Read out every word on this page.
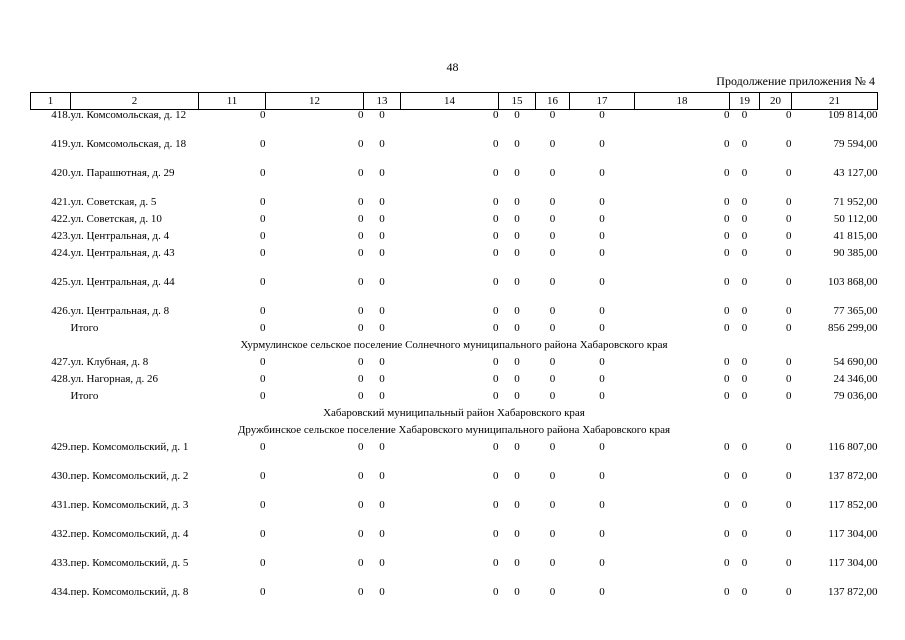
48
Продолжение приложения № 4
1	2	11	12	13	14	15	16	17	18	19	20	21
418.	ул. Комсомольская, д. 12	0	0	0	0	0	0	0	0	0	0	109 814,00
419.	ул. Комсомольская, д. 18	0	0	0	0	0	0	0	0	0	0	79 594,00
420.	ул. Парашютная, д. 29	0	0	0	0	0	0	0	0	0	0	43 127,00
421.	ул. Советская, д. 5	0	0	0	0	0	0	0	0	0	0	71 952,00
422.	ул. Советская, д. 10	0	0	0	0	0	0	0	0	0	0	50 112,00
423.	ул. Центральная, д. 4	0	0	0	0	0	0	0	0	0	0	41 815,00
424.	ул. Центральная, д. 43	0	0	0	0	0	0	0	0	0	0	90 385,00
425.	ул. Центральная, д. 44	0	0	0	0	0	0	0	0	0	0	103 868,00
426.	ул. Центральная, д. 8	0	0	0	0	0	0	0	0	0	0	77 365,00
	Итого	0	0	0	0	0	0	0	0	0	0	856 299,00
Хурмулинское сельское поселение Солнечного муниципального района Хабаровского края												
427.	ул. Клубная, д. 8	0	0	0	0	0	0	0	0	0	0	54 690,00
428.	ул. Нагорная, д. 26	0	0	0	0	0	0	0	0	0	0	24 346,00
	Итого	0	0	0	0	0	0	0	0	0	0	79 036,00
Хабаровский муниципальный район Хабаровского края												
Дружбинское сельское поселение Хабаровского муниципального района Хабаровского края												
429.	пер. Комсомольский, д. 1	0	0	0	0	0	0	0	0	0	0	116 807,00
430.	пер. Комсомольский, д. 2	0	0	0	0	0	0	0	0	0	0	137 872,00
431.	пер. Комсомольский, д. 3	0	0	0	0	0	0	0	0	0	0	117 852,00
432.	пер. Комсомольский, д. 4	0	0	0	0	0	0	0	0	0	0	117 304,00
433.	пер. Комсомольский, д. 5	0	0	0	0	0	0	0	0	0	0	117 304,00
434.	пер. Комсомольский, д. 8	0	0	0	0	0	0	0	0	0	0	137 872,00
